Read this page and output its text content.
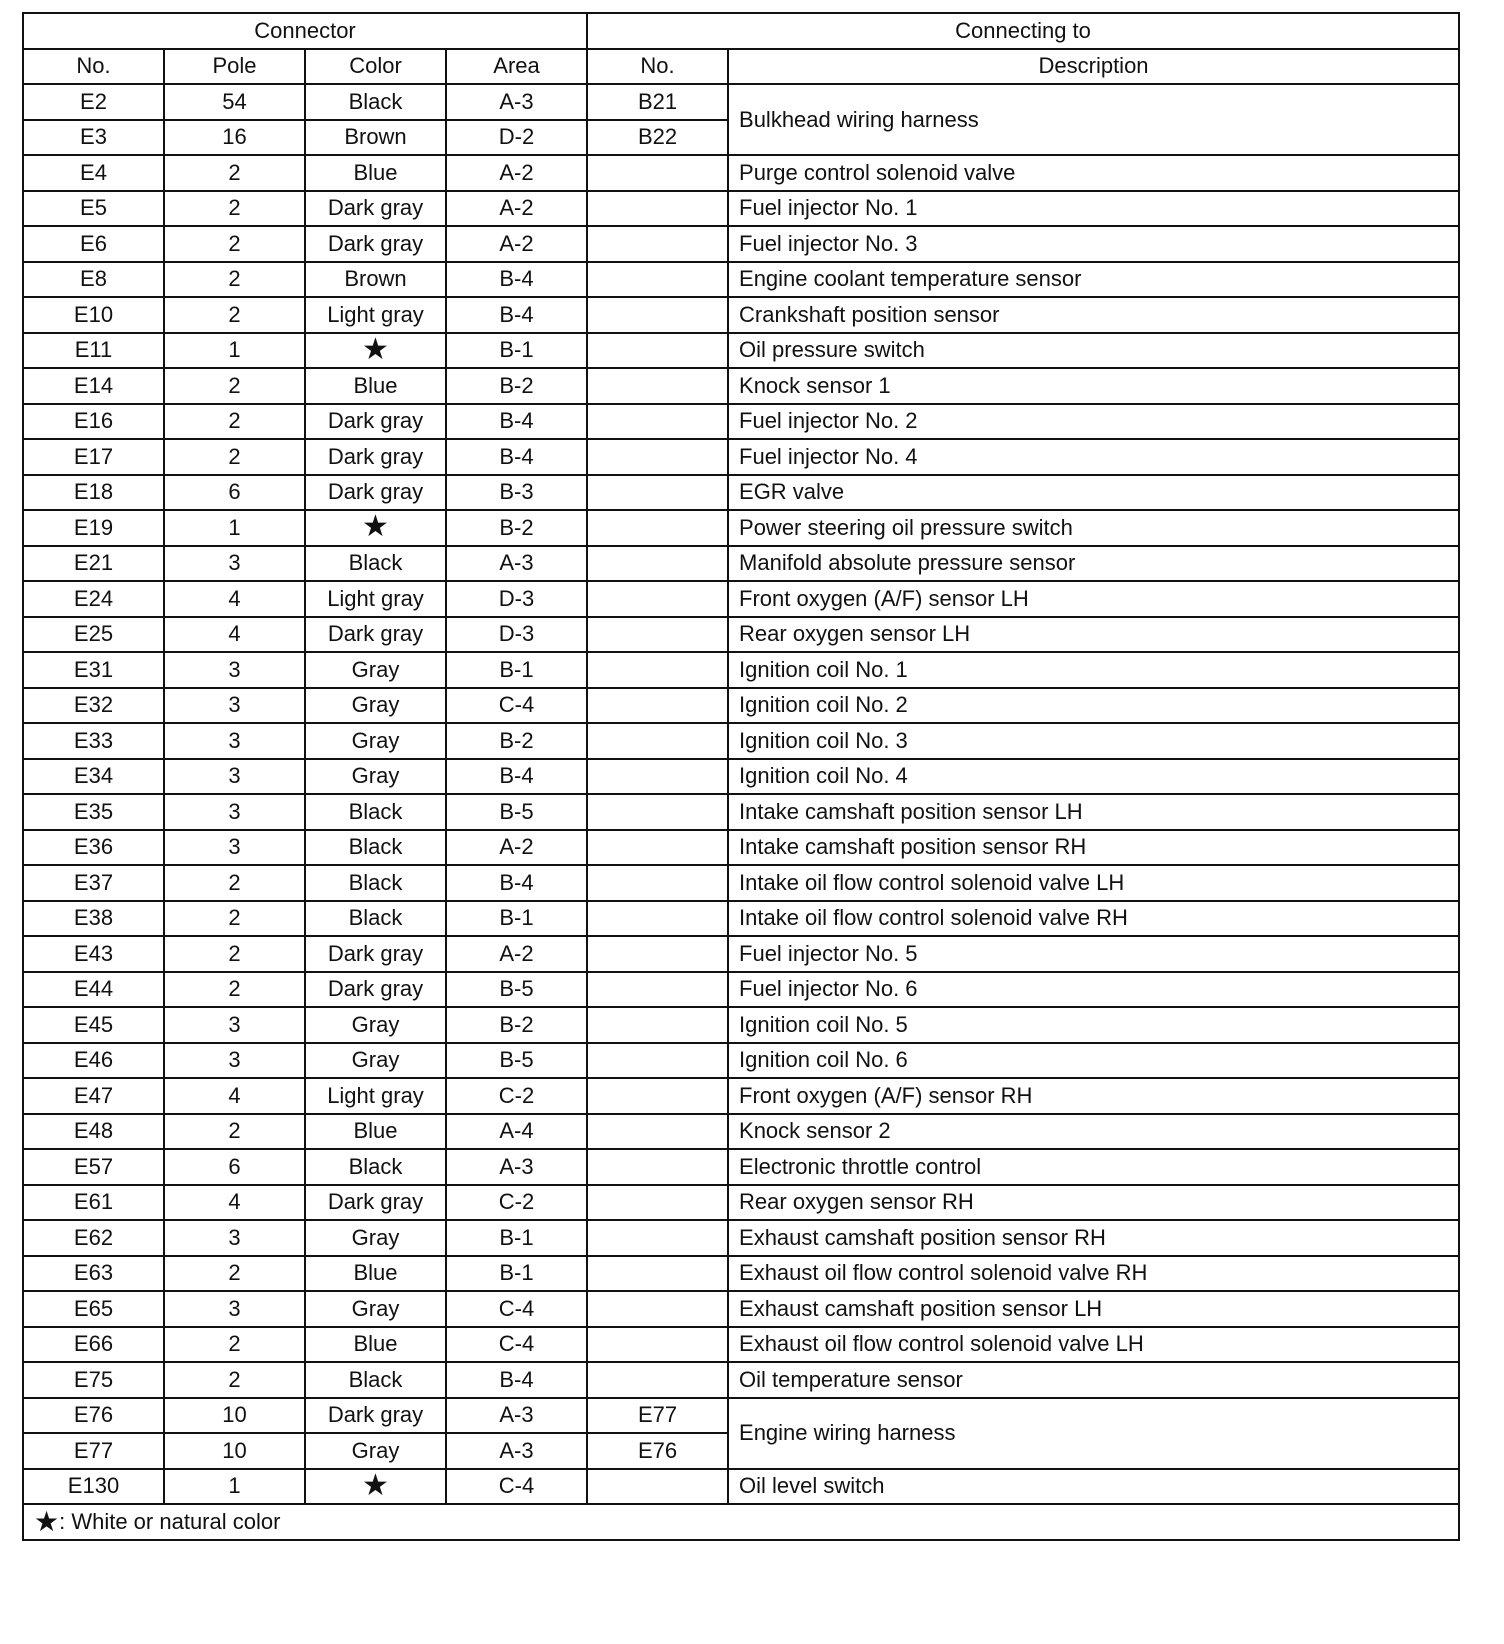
Connector				Connecting to	
No.	Pole	Color	Area	No.	Description
E2	54	Black	A-3	B21	Bulkhead wiring harness
E3	16	Brown	D-2	B22	
E4	2	Blue	A-2		Purge control solenoid valve
E5	2	Dark gray	A-2		Fuel injector No. 1
E6	2	Dark gray	A-2		Fuel injector No. 3
E8	2	Brown	B-4		Engine coolant temperature sensor
E10	2	Light gray	B-4		Crankshaft position sensor
E11	1	★	B-1		Oil pressure switch
E14	2	Blue	B-2		Knock sensor 1
E16	2	Dark gray	B-4		Fuel injector No. 2
E17	2	Dark gray	B-4		Fuel injector No. 4
E18	6	Dark gray	B-3		EGR valve
E19	1	★	B-2		Power steering oil pressure switch
E21	3	Black	A-3		Manifold absolute pressure sensor
E24	4	Light gray	D-3		Front oxygen (A/F) sensor LH
E25	4	Dark gray	D-3		Rear oxygen sensor LH
E31	3	Gray	B-1		Ignition coil No. 1
E32	3	Gray	C-4		Ignition coil No. 2
E33	3	Gray	B-2		Ignition coil No. 3
E34	3	Gray	B-4		Ignition coil No. 4
E35	3	Black	B-5		Intake camshaft position sensor LH
E36	3	Black	A-2		Intake camshaft position sensor RH
E37	2	Black	B-4		Intake oil flow control solenoid valve LH
E38	2	Black	B-1		Intake oil flow control solenoid valve RH
E43	2	Dark gray	A-2		Fuel injector No. 5
E44	2	Dark gray	B-5		Fuel injector No. 6
E45	3	Gray	B-2		Ignition coil No. 5
E46	3	Gray	B-5		Ignition coil No. 6
E47	4	Light gray	C-2		Front oxygen (A/F) sensor RH
E48	2	Blue	A-4		Knock sensor 2
E57	6	Black	A-3		Electronic throttle control
E61	4	Dark gray	C-2		Rear oxygen sensor RH
E62	3	Gray	B-1		Exhaust camshaft position sensor RH
E63	2	Blue	B-1		Exhaust oil flow control solenoid valve RH
E65	3	Gray	C-4		Exhaust camshaft position sensor LH
E66	2	Blue	C-4		Exhaust oil flow control solenoid valve LH
E75	2	Black	B-4		Oil temperature sensor
E76	10	Dark gray	A-3	E77	Engine wiring harness
E77	10	Gray	A-3	E76	
E130	1	★	C-4		Oil level switch
★: White or natural color					
